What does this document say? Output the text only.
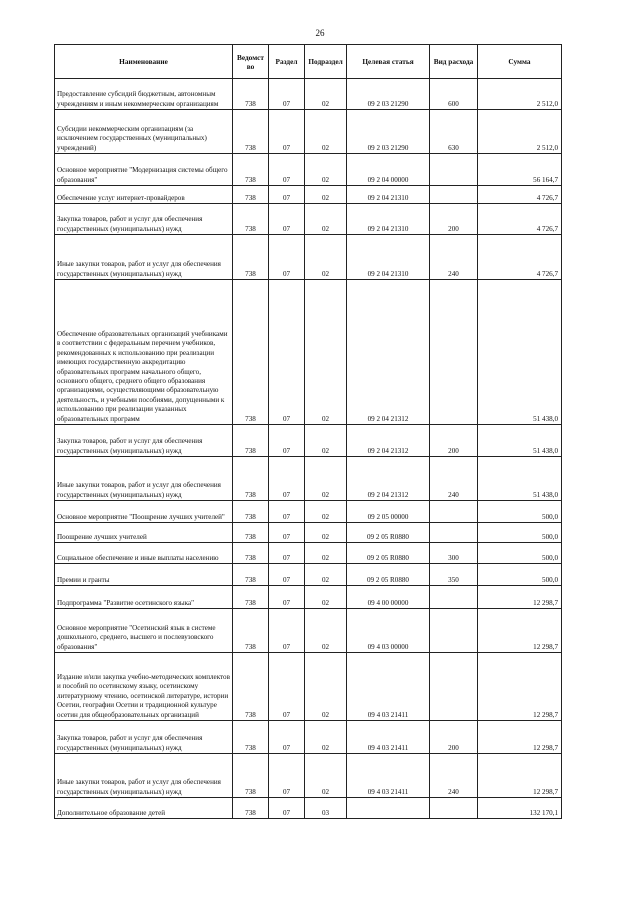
26
Наименование	Ведомст во	Раздел	Подраздел	Целевая статья	Вид расхода	Сумма
Предоставление субсидий бюджетным, автономным учреждениям и иным некоммерческим организациям	738	07	02	09 2 03 21290	600	2 512,0
Субсидии некоммерческим организациям (за исключением государственных (муниципальных) учреждений)	738	07	02	09 2 03 21290	630	2 512,0
Основное мероприятие "Модернизация системы общего образования"	738	07	02	09 2 04 00000		56 164,7
Обеспечение услуг интернет-провайдеров	738	07	02	09 2 04 21310		4 726,7
Закупка товаров, работ и услуг для обеспечения государственных (муниципальных) нужд	738	07	02	09 2 04 21310	200	4 726,7
Иные закупки товаров, работ и услуг для обеспечения государственных (муниципальных) нужд	738	07	02	09 2 04 21310	240	4 726,7
Обеспечение образовательных организаций учебниками в соответствии с федеральным перечнем учебников, рекомендованных к использованию при реализации имеющих государственную аккредитацию образовательных программ начального общего, основного общего, среднего общего образования организациями, осуществляющими образовательную деятельность, и учебными пособиями, допущенными к использованию при реализации указанных образовательных программ	738	07	02	09 2 04 21312		51 438,0
Закупка товаров, работ и услуг для обеспечения государственных (муниципальных) нужд	738	07	02	09 2 04 21312	200	51 438,0
Иные закупки товаров, работ и услуг для обеспечения государственных (муниципальных) нужд	738	07	02	09 2 04 21312	240	51 438,0
Основное мероприятие "Поощрение лучших учителей"	738	07	02	09 2 05 00000		500,0
Поощрение лучших учителей	738	07	02	09 2 05 R0880		500,0
Социальное обеспечение и иные выплаты населению	738	07	02	09 2 05 R0880	300	500,0
Премии и гранты	738	07	02	09 2 05 R0880	350	500,0
Подпрограмма "Развитие осетинского языка"	738	07	02	09 4 00 00000		12 298,7
Основное мероприятие "Осетинский язык в системе дошкольного, среднего, высшего и послевузовского образования"	738	07	02	09 4 03 00000		12 298,7
Издание и/или закупка учебно-методических комплектов и пособий по осетинскому языку, осетинскому литературному чтению, осетинской литературе, истории Осетии, географии Осетии и традиционной культуре осетин для общеобразовательных организаций	738	07	02	09 4 03 21411		12 298,7
Закупка товаров, работ и услуг для обеспечения государственных (муниципальных) нужд	738	07	02	09 4 03 21411	200	12 298,7
Иные закупки товаров, работ и услуг для обеспечения государственных (муниципальных) нужд	738	07	02	09 4 03 21411	240	12 298,7
Дополнительное образование детей	738	07	03			132 170,1
